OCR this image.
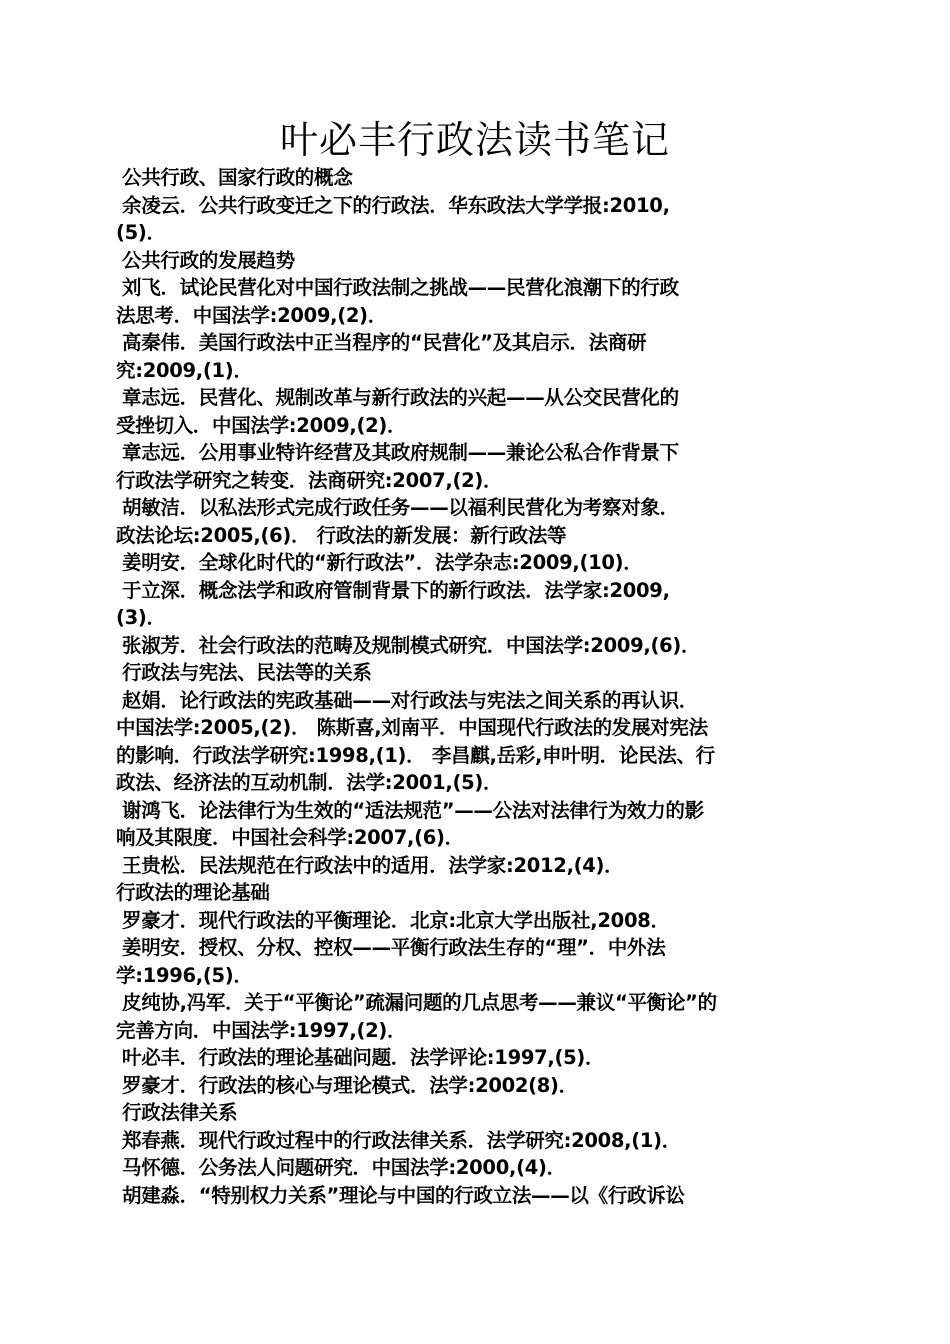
叶必丰行政法读书笔记

公共行政、国家行政的概念

余凌云．公共行政变迁之下的行政法．华东政法大学学报:2010,

(5)．

公共行政的发展趋势

刘飞．试论民营化对中国行政法制之挑战——民营化浪潮下的行政

法思考．中国法学:2009,(2)．

高秦伟．美国行政法中正当程序的“民营化”及其启示．法商研

究:2009,(1)．

章志远．民营化、规制改革与新行政法的兴起——从公交民营化的

受挫切入．中国法学:2009,(2)．

章志远．公用事业特许经营及其政府规制——兼论公私合作背景下

行政法学研究之转变．法商研究:2007,(2)．

胡敏洁．以私法形式完成行政任务——以福利民营化为考察对象．

政法论坛:2005,(6)． 行政法的新发展：新行政法等

姜明安．全球化时代的“新行政法”．法学杂志:2009,(10)．

于立深．概念法学和政府管制背景下的新行政法．法学家:2009,

(3)．

张淑芳．社会行政法的范畴及规制模式研究．中国法学:2009,(6)．

行政法与宪法、民法等的关系

赵娟．论行政法的宪政基础——对行政法与宪法之间关系的再认识．

中国法学:2005,(2)． 陈斯喜,刘南平．中国现代行政法的发展对宪法

的影响．行政法学研究:1998,(1)． 李昌麒,岳彩,申叶明．论民法、行

政法、经济法的互动机制．法学:2001,(5)．

谢鸿飞．论法律行为生效的“适法规范”——公法对法律行为效力的影

响及其限度．中国社会科学:2007,(6)．

王贵松．民法规范在行政法中的适用．法学家:2012,(4)．

行政法的理论基础

罗豪才．现代行政法的平衡理论．北京:北京大学出版社,2008．

姜明安．授权、分权、控权——平衡行政法生存的“理”．中外法

学:1996,(5)．

皮纯协,冯军．关于“平衡论”疏漏问题的几点思考——兼议“平衡论”的

完善方向．中国法学:1997,(2)．

叶必丰．行政法的理论基础问题．法学评论:1997,(5)．

罗豪才．行政法的核心与理论模式．法学:2002(8)．

行政法律关系

郑春燕．现代行政过程中的行政法律关系．法学研究:2008,(1)．

马怀德．公务法人问题研究．中国法学:2000,(4)．

胡建淼．“特别权力关系”理论与中国的行政立法——以《行政诉讼
